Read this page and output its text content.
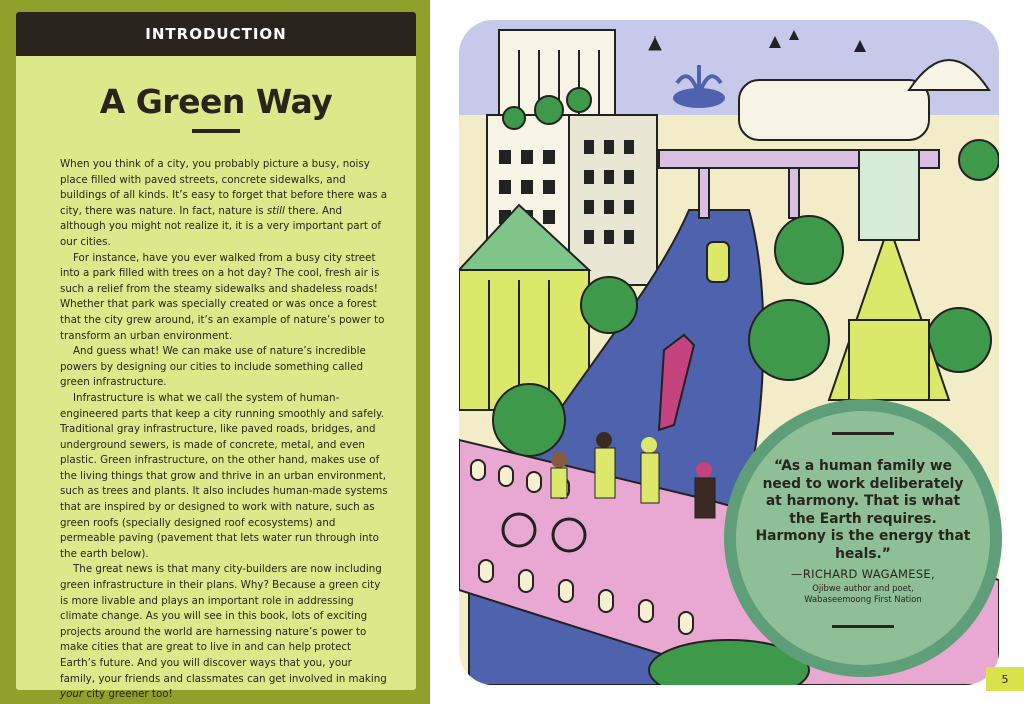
INTRODUCTION
A Green Way

When you think of a city, you probably picture a busy, noisy place filled with paved streets, concrete sidewalks, and buildings of all kinds. It’s easy to forget that before there was a city, there was nature. In fact, nature is still there. And although you might not realize it, it is a very important part of our cities.

For instance, have you ever walked from a busy city street into a park filled with trees on a hot day? The cool, fresh air is such a relief from the steamy sidewalks and shadeless roads! Whether that park was specially created or was once a forest that the city grew around, it’s an example of nature’s power to transform an urban environment.

And guess what! We can make use of nature’s incredible powers by designing our cities to include something called green infrastructure.

Infrastructure is what we call the system of human-engineered parts that keep a city running smoothly and safely. Traditional gray infrastructure, like paved roads, bridges, and underground sewers, is made of concrete, metal, and even plastic. Green infrastructure, on the other hand, makes use of the living things that grow and thrive in an urban environment, such as trees and plants. It also includes human-made systems that are inspired by or designed to work with nature, such as green roofs (specially designed roof ecosystems) and permeable paving (pavement that lets water run through into the earth below).

The great news is that many city-builders are now including green infrastructure in their plans. Why? Because a green city is more livable and plays an important role in addressing climate change. As you will see in this book, lots of exciting projects around the world are harnessing nature’s power to make cities that are great to live in and can help protect Earth’s future. And you will discover ways that you, your family, your friends and classmates can get involved in making your city greener too!

“As a human family we need to work deliberately at harmony. That is what the Earth requires. Harmony is the energy that heals.”
—RICHARD WAGAMESE,
Ojibwe author and poet,
Wabaseemoong First Nation
5
